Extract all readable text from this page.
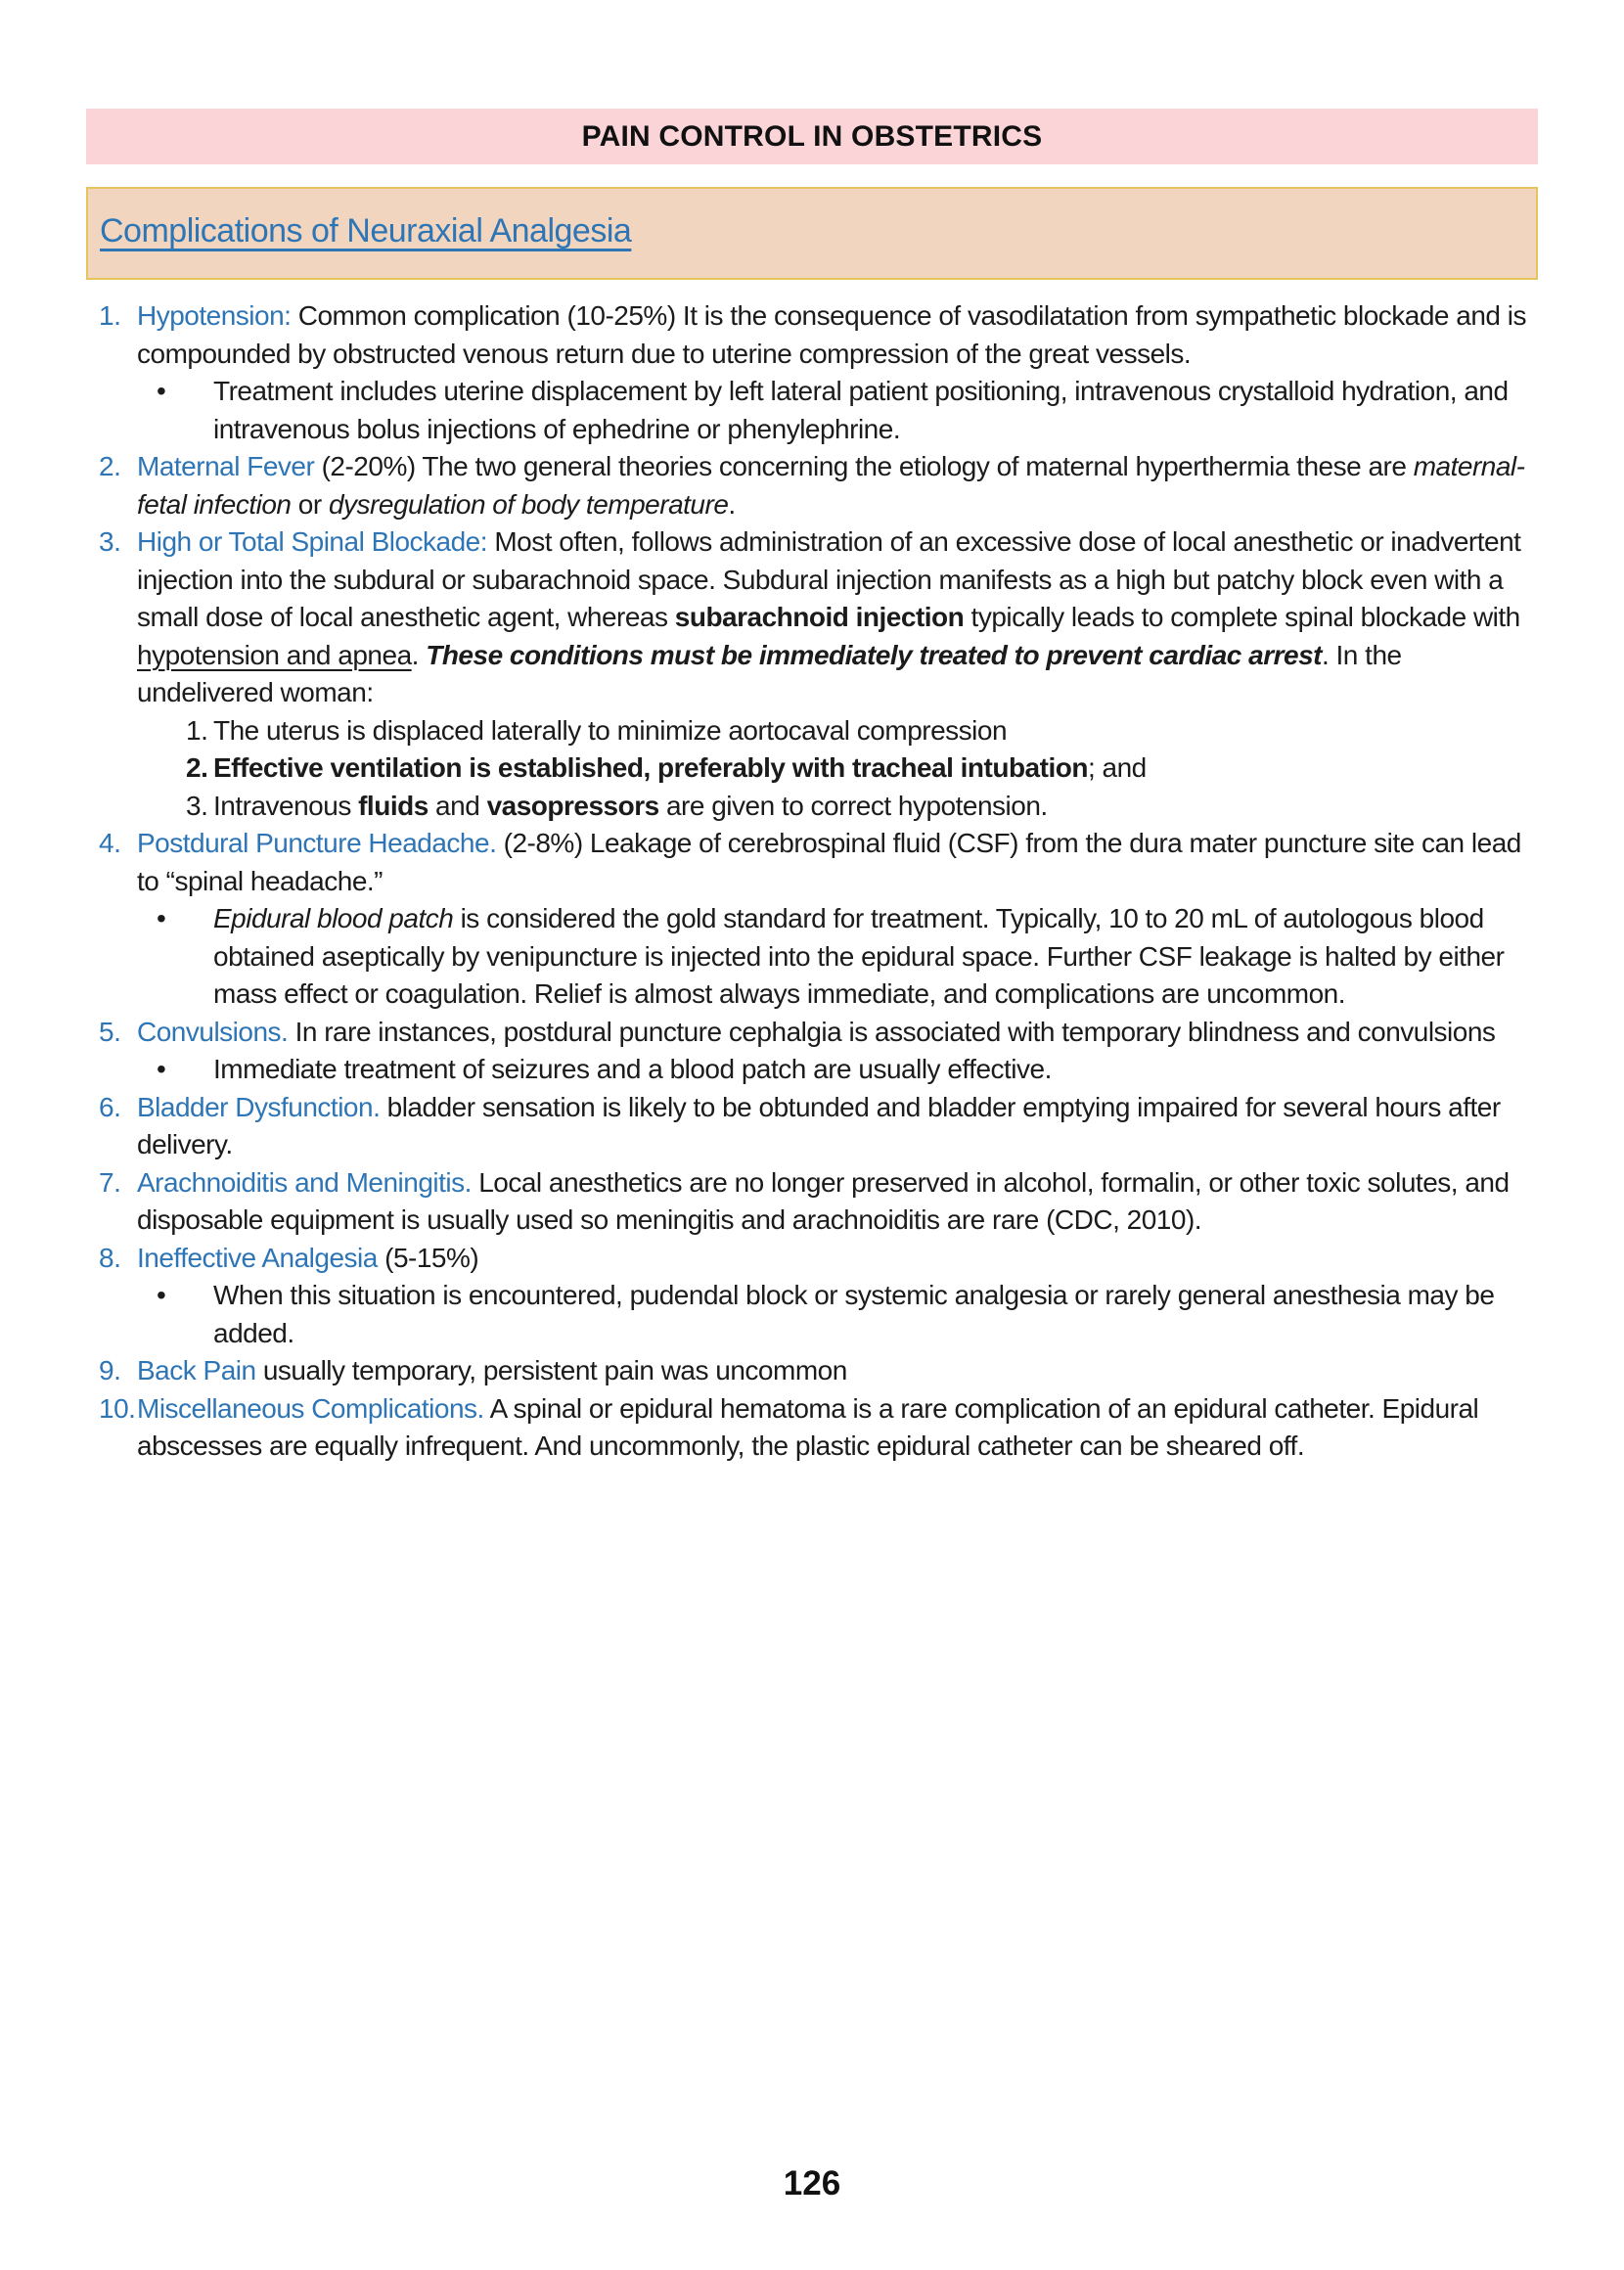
PAIN CONTROL IN OBSTETRICS
Complications of Neuraxial Analgesia
1. Hypotension: Common complication (10-25%) It is the consequence of vasodilatation from sympathetic blockade and is compounded by obstructed venous return due to uterine compression of the great vessels.
•	Treatment includes uterine displacement by left lateral patient positioning, intravenous crystalloid hydration, and intravenous bolus injections of ephedrine or phenylephrine.
2. Maternal Fever (2-20%) The two general theories concerning the etiology of maternal hyperthermia these are maternal-fetal infection or dysregulation of body temperature.
3. High or Total Spinal Blockade: Most often, follows administration of an excessive dose of local anesthetic or inadvertent injection into the subdural or subarachnoid space. Subdural injection manifests as a high but patchy block even with a small dose of local anesthetic agent, whereas subarachnoid injection typically leads to complete spinal blockade with hypotension and apnea. These conditions must be immediately treated to prevent cardiac arrest. In the undelivered woman:
1. The uterus is displaced laterally to minimize aortocaval compression
2. Effective ventilation is established, preferably with tracheal intubation; and
3. Intravenous fluids and vasopressors are given to correct hypotension.
4. Postdural Puncture Headache. (2-8%) Leakage of cerebrospinal fluid (CSF) from the dura mater puncture site can lead to “spinal headache.”
•	Epidural blood patch is considered the gold standard for treatment. Typically, 10 to 20 mL of autologous blood obtained aseptically by venipuncture is injected into the epidural space. Further CSF leakage is halted by either mass effect or coagulation. Relief is almost always immediate, and complications are uncommon.
5. Convulsions. In rare instances, postdural puncture cephalgia is associated with temporary blindness and convulsions
•	Immediate treatment of seizures and a blood patch are usually effective.
6. Bladder Dysfunction. bladder sensation is likely to be obtunded and bladder emptying impaired for several hours after delivery.
7. Arachnoiditis and Meningitis. Local anesthetics are no longer preserved in alcohol, formalin, or other toxic solutes, and disposable equipment is usually used so meningitis and arachnoiditis are rare (CDC, 2010).
8. Ineffective Analgesia (5-15%)
•	When this situation is encountered, pudendal block or systemic analgesia or rarely general anesthesia may be added.
9. Back Pain usually temporary, persistent pain was uncommon
10. Miscellaneous Complications. A spinal or epidural hematoma is a rare complication of an epidural catheter. Epidural abscesses are equally infrequent. And uncommonly, the plastic epidural catheter can be sheared off.
126
